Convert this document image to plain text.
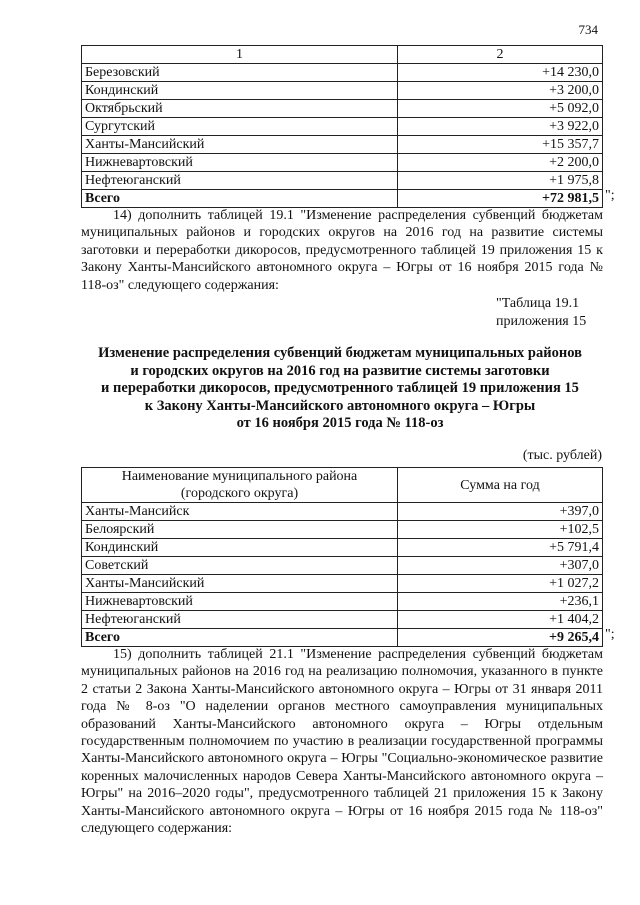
734
1	2
Березовский	+14 230,0
Кондинский	+3 200,0
Октябрьский	+5 092,0
Сургутский	+3 922,0
Ханты-Мансийский	+15 357,7
Нижневартовский	+2 200,0
Нефтеюганский	+1 975,8
Всего	+72 981,5 ";
14) дополнить таблицей 19.1 "Изменение распределения субвенций бюджетам муниципальных районов и городских округов на 2016 год на развитие системы заготовки и переработки дикоросов, предусмотренного таблицей 19 приложения 15 к Закону Ханты-Мансийского автономного округа – Югры от 16 ноября 2015 года № 118-оз" следующего содержания:
"Таблица 19.1
приложения 15
Изменение распределения субвенций бюджетам муниципальных районов
и городских округов на 2016 год на развитие системы заготовки
и переработки дикоросов, предусмотренного таблицей 19 приложения 15
к Закону Ханты-Мансийского автономного округа – Югры
от 16 ноября 2015 года № 118-оз
(тыс. рублей)
Наименование муниципального района
(городского округа)	Сумма на год
Ханты-Мансийск	+397,0
Белоярский	+102,5
Кондинский	+5 791,4
Советский	+307,0
Ханты-Мансийский	+1 027,2
Нижневартовский	+236,1
Нефтеюганский	+1 404,2
Всего	+9 265,4 ";
15) дополнить таблицей 21.1 "Изменение распределения субвенций бюджетам муниципальных районов на 2016 год на реализацию полномочия, указанного в пункте 2 статьи 2 Закона Ханты-Мансийского автономного округа – Югры от 31 января 2011 года № 8-оз "О наделении органов местного самоуправления муниципальных образований Ханты-Мансийского автономного округа – Югры отдельным государственным полномочием по участию в реализации государственной программы Ханты-Мансийского автономного округа – Югры "Социально-экономическое развитие коренных малочисленных народов Севера Ханты-Мансийского автономного округа – Югры" на 2016–2020 годы", предусмотренного таблицей 21 приложения 15 к Закону Ханты-Мансийского автономного округа – Югры от 16 ноября 2015 года № 118-оз" следующего содержания:
